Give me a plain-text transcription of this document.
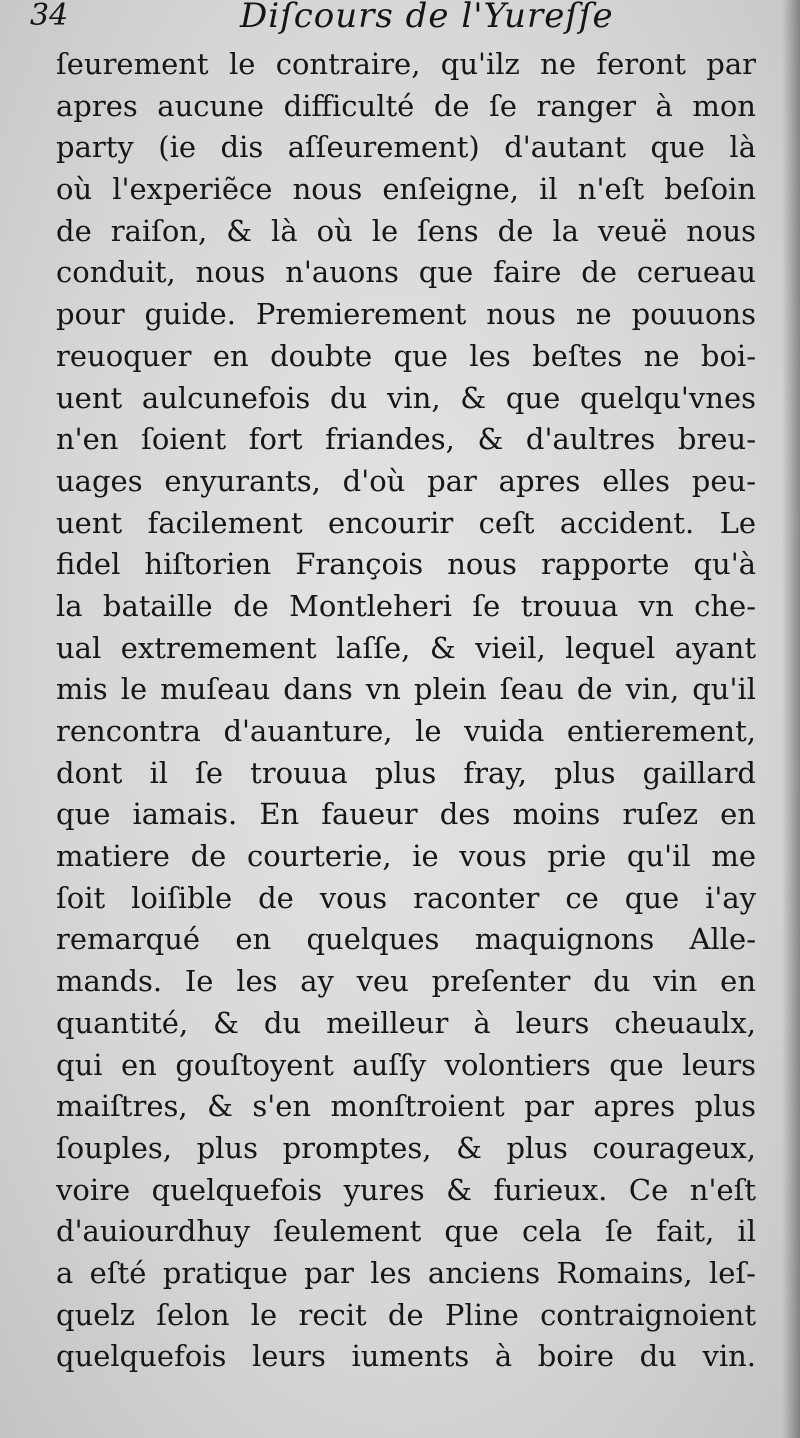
34	Diſcours de l'Yureſſe
ſeurement le contraire, qu'ilz ne feront par
apres aucune difficulté de ſe ranger à mon
party (ie dis aſſeurement) d'autant que là
où l'experiẽce nous enſeigne, il n'eſt beſoin
de raiſon, & là où le ſens de la veuë nous
conduit, nous n'auons que faire de cerueau
pour guide. Premierement nous ne pouuons
reuoquer en doubte que les beſtes ne boi-
uent aulcunefois du vin, & que quelqu'vnes
n'en ſoient fort friandes, & d'aultres breu-
uages enyurants, d'où par apres elles peu-
uent facilement encourir ceſt accident. Le
fidel hiſtorien François nous rapporte qu'à
la bataille de Montleheri ſe trouua vn che-
ual extremement laſſe, & vieil, lequel ayant
mis le muſeau dans vn plein ſeau de vin, qu'il
rencontra d'auanture, le vuida entierement,
dont il ſe trouua plus fray, plus gaillard
que iamais. En faueur des moins ruſez en
matiere de courterie, ie vous prie qu'il me
ſoit loiſible de vous raconter ce que i'ay
remarqué en quelques maquignons Alle-
mands. Ie les ay veu preſenter du vin en
quantité, & du meilleur à leurs cheuaulx,
qui en gouſtoyent auſſy volontiers que leurs
maiſtres, & s'en monſtroient par apres plus
ſouples, plus promptes, & plus courageux,
voire quelquefois yures & furieux. Ce n'eſt
d'auiourdhuy ſeulement que cela ſe fait, il
a eſté pratique par les anciens Romains, leſ-
quelz ſelon le recit de Pline contraignoient
quelquefois leurs iuments à boire du vin.
